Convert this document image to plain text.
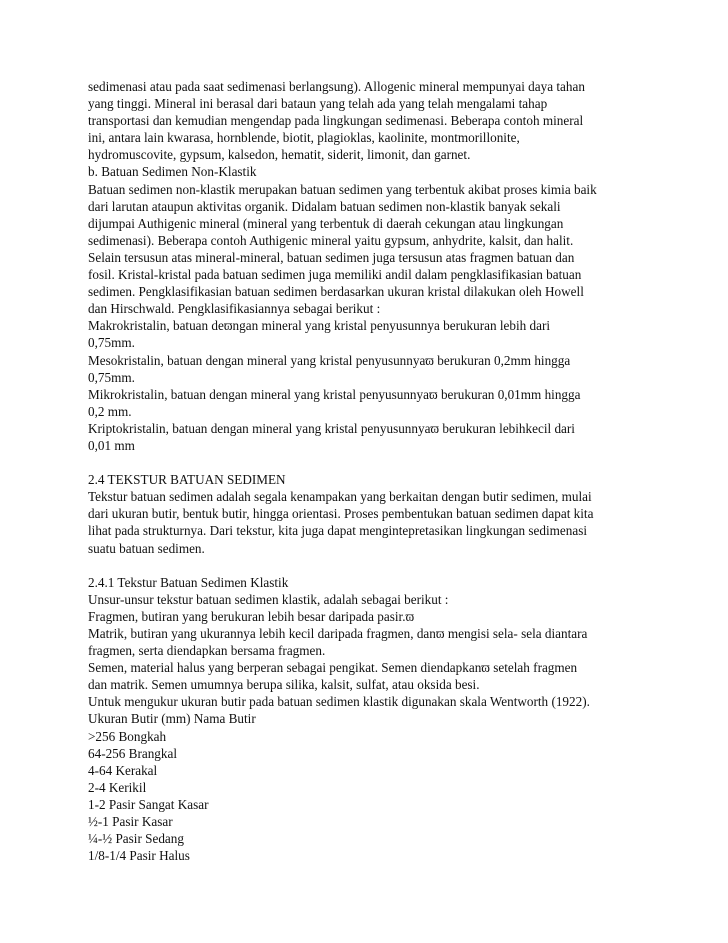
sedimenasi atau pada saat sedimenasi berlangsung). Allogenic mineral mempunyai daya tahan
yang tinggi. Mineral ini berasal dari bataun yang telah ada yang telah mengalami tahap
transportasi dan kemudian mengendap pada lingkungan sedimenasi. Beberapa contoh mineral
ini, antara lain kwarasa, hornblende, biotit, plagioklas, kaolinite, montmorillonite,
hydromuscovite, gypsum, kalsedon, hematit, siderit, limonit, dan garnet.
b. Batuan Sedimen Non-Klastik
Batuan sedimen non-klastik merupakan batuan sedimen yang terbentuk akibat proses kimia baik
dari larutan ataupun aktivitas organik. Didalam batuan sedimen non-klastik banyak sekali
dijumpai Authigenic mineral (mineral yang terbentuk di daerah cekungan atau lingkungan
sedimenasi). Beberapa contoh Authigenic mineral yaitu gypsum, anhydrite, kalsit, dan halit.
Selain tersusun atas mineral-mineral, batuan sedimen juga tersusun atas fragmen batuan dan
fosil. Kristal-kristal pada batuan sedimen juga memiliki andil dalam pengklasifikasian batuan
sedimen. Pengklasifikasian batuan sedimen berdasarkan ukuran kristal dilakukan oleh Howell
dan Hirschwald. Pengklasifikasiannya sebagai berikut :
Makrokristalin, batuan deϖngan mineral yang kristal penyusunnya berukuran lebih dari
0,75mm.
Mesokristalin, batuan dengan mineral yang kristal penyusunnyaϖ berukuran 0,2mm hingga
0,75mm.
Mikrokristalin, batuan dengan mineral yang kristal penyusunnyaϖ berukuran 0,01mm hingga
0,2 mm.
Kriptokristalin, batuan dengan mineral yang kristal penyusunnyaϖ berukuran lebihkecil dari
0,01 mm
2.4 TEKSTUR BATUAN SEDIMEN
Tekstur batuan sedimen adalah segala kenampakan yang berkaitan dengan butir sedimen, mulai
dari ukuran butir, bentuk butir, hingga orientasi. Proses pembentukan batuan sedimen dapat kita
lihat pada strukturnya. Dari tekstur, kita juga dapat mengintepretasikan lingkungan sedimenasi
suatu batuan sedimen.
2.4.1 Tekstur Batuan Sedimen Klastik
Unsur-unsur tekstur batuan sedimen klastik, adalah sebagai berikut :
Fragmen, butiran yang berukuran lebih besar daripada pasir.ϖ
Matrik, butiran yang ukurannya lebih kecil daripada fragmen, danϖ mengisi sela- sela diantara
fragmen, serta diendapkan bersama fragmen.
Semen, material halus yang berperan sebagai pengikat. Semen diendapkanϖ setelah fragmen
dan matrik. Semen umumnya berupa silika, kalsit, sulfat, atau oksida besi.
Untuk mengukur ukuran butir pada batuan sedimen klastik digunakan skala Wentworth (1922).
Ukuran Butir (mm) Nama Butir
>256 Bongkah
64-256 Brangkal
4-64 Kerakal
2-4 Kerikil
1-2 Pasir Sangat Kasar
½-1 Pasir Kasar
¼-½ Pasir Sedang
1/8-1/4 Pasir Halus
